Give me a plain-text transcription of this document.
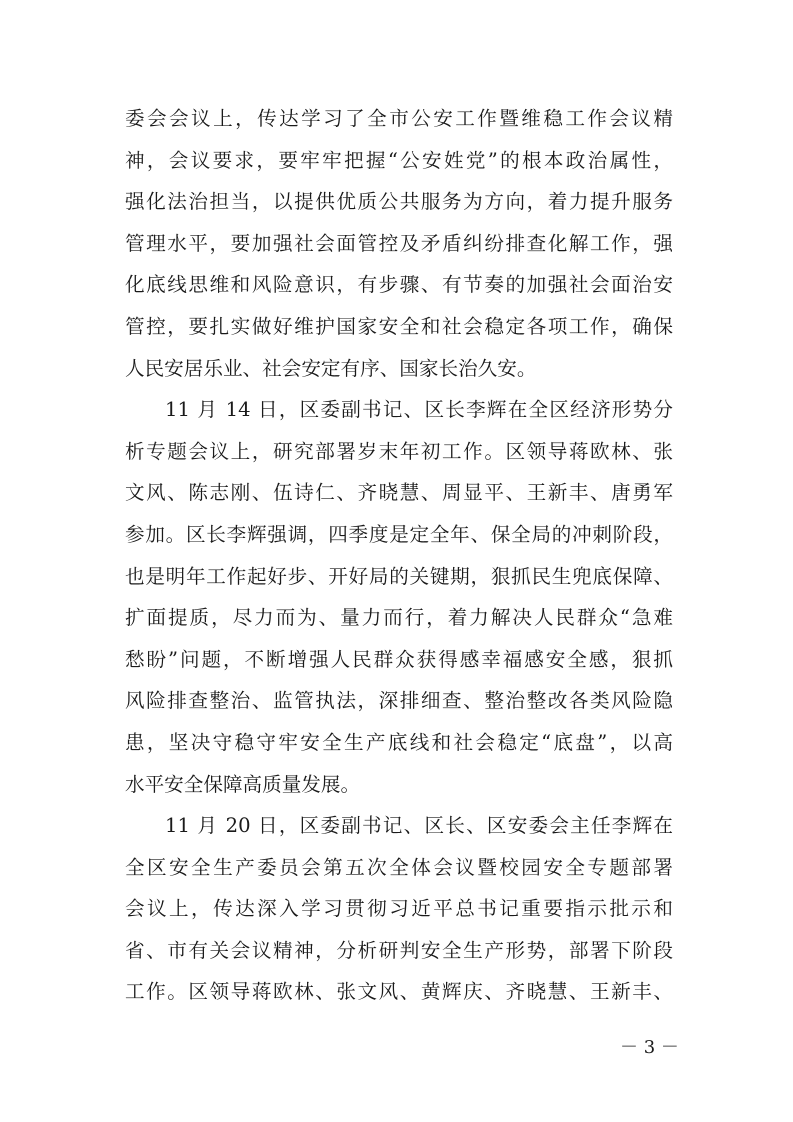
委会会议上，传达学习了全市公安工作暨维稳工作会议精
神，会议要求，要牢牢把握“公安姓党”的根本政治属性，
强化法治担当，以提供优质公共服务为方向，着力提升服务
管理水平，要加强社会面管控及矛盾纠纷排查化解工作，强
化底线思维和风险意识，有步骤、有节奏的加强社会面治安
管控，要扎实做好维护国家安全和社会稳定各项工作，确保
人民安居乐业、社会安定有序、国家长治久安。
11 月 14 日，区委副书记、区长李辉在全区经济形势分
析专题会议上，研究部署岁末年初工作。区领导蒋欧林、张
文风、陈志刚、伍诗仁、齐晓慧、周显平、王新丰、唐勇军
参加。区长李辉强调，四季度是定全年、保全局的冲刺阶段，
也是明年工作起好步、开好局的关键期，狠抓民生兜底保障、
扩面提质，尽力而为、量力而行，着力解决人民群众“急难
愁盼”问题，不断增强人民群众获得感幸福感安全感，狠抓
风险排查整治、监管执法，深排细查、整治整改各类风险隐
患，坚决守稳守牢安全生产底线和社会稳定“底盘”，以高
水平安全保障高质量发展。
11 月 20 日，区委副书记、区长、区安委会主任李辉在
全区安全生产委员会第五次全体会议暨校园安全专题部署
会议上，传达深入学习贯彻习近平总书记重要指示批示和
省、市有关会议精神，分析研判安全生产形势，部署下阶段
工作。区领导蒋欧林、张文风、黄辉庆、齐晓慧、王新丰、
－ 3 －
